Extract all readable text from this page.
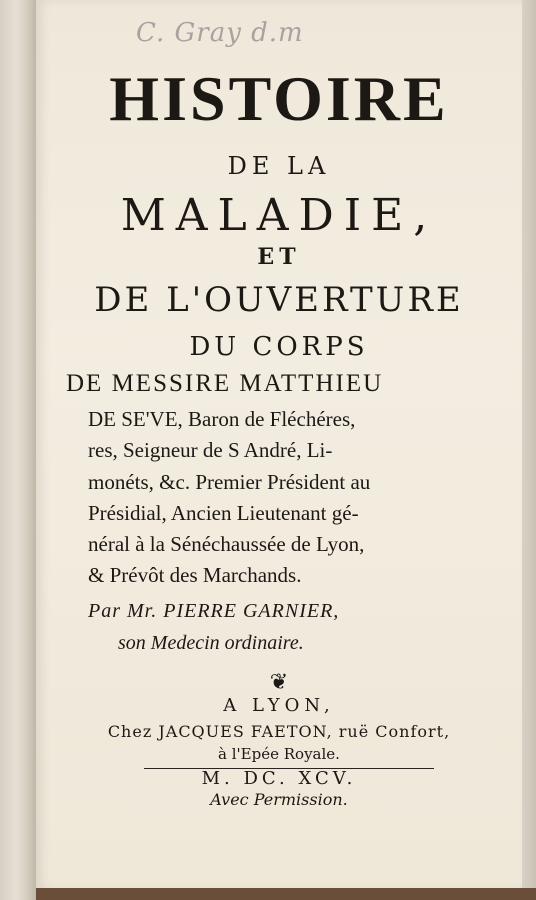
C. Gray d.m
HISTOIRE
DE LA
MALADIE,
ET
DE L'OUVERTURE
DU CORPS
DE MESSIRE MATTHIEU
DE SE'VE, Baron de Fléchéres,
res, Seigneur de S André, Li-
monéts, &c. Premier Président au
Présidial, Ancien Lieutenant gé-
néral à la Sénéchaussée de Lyon,
& Prévôt des Marchands.
Par Mr. PIERRE GARNIER,
son Medecin ordinaire.
❦
A LYON,
Chez JACQUES FAETON, ruë Confort,
à l'Epée Royale.
M. DC. XCV.
Avec Permission.
